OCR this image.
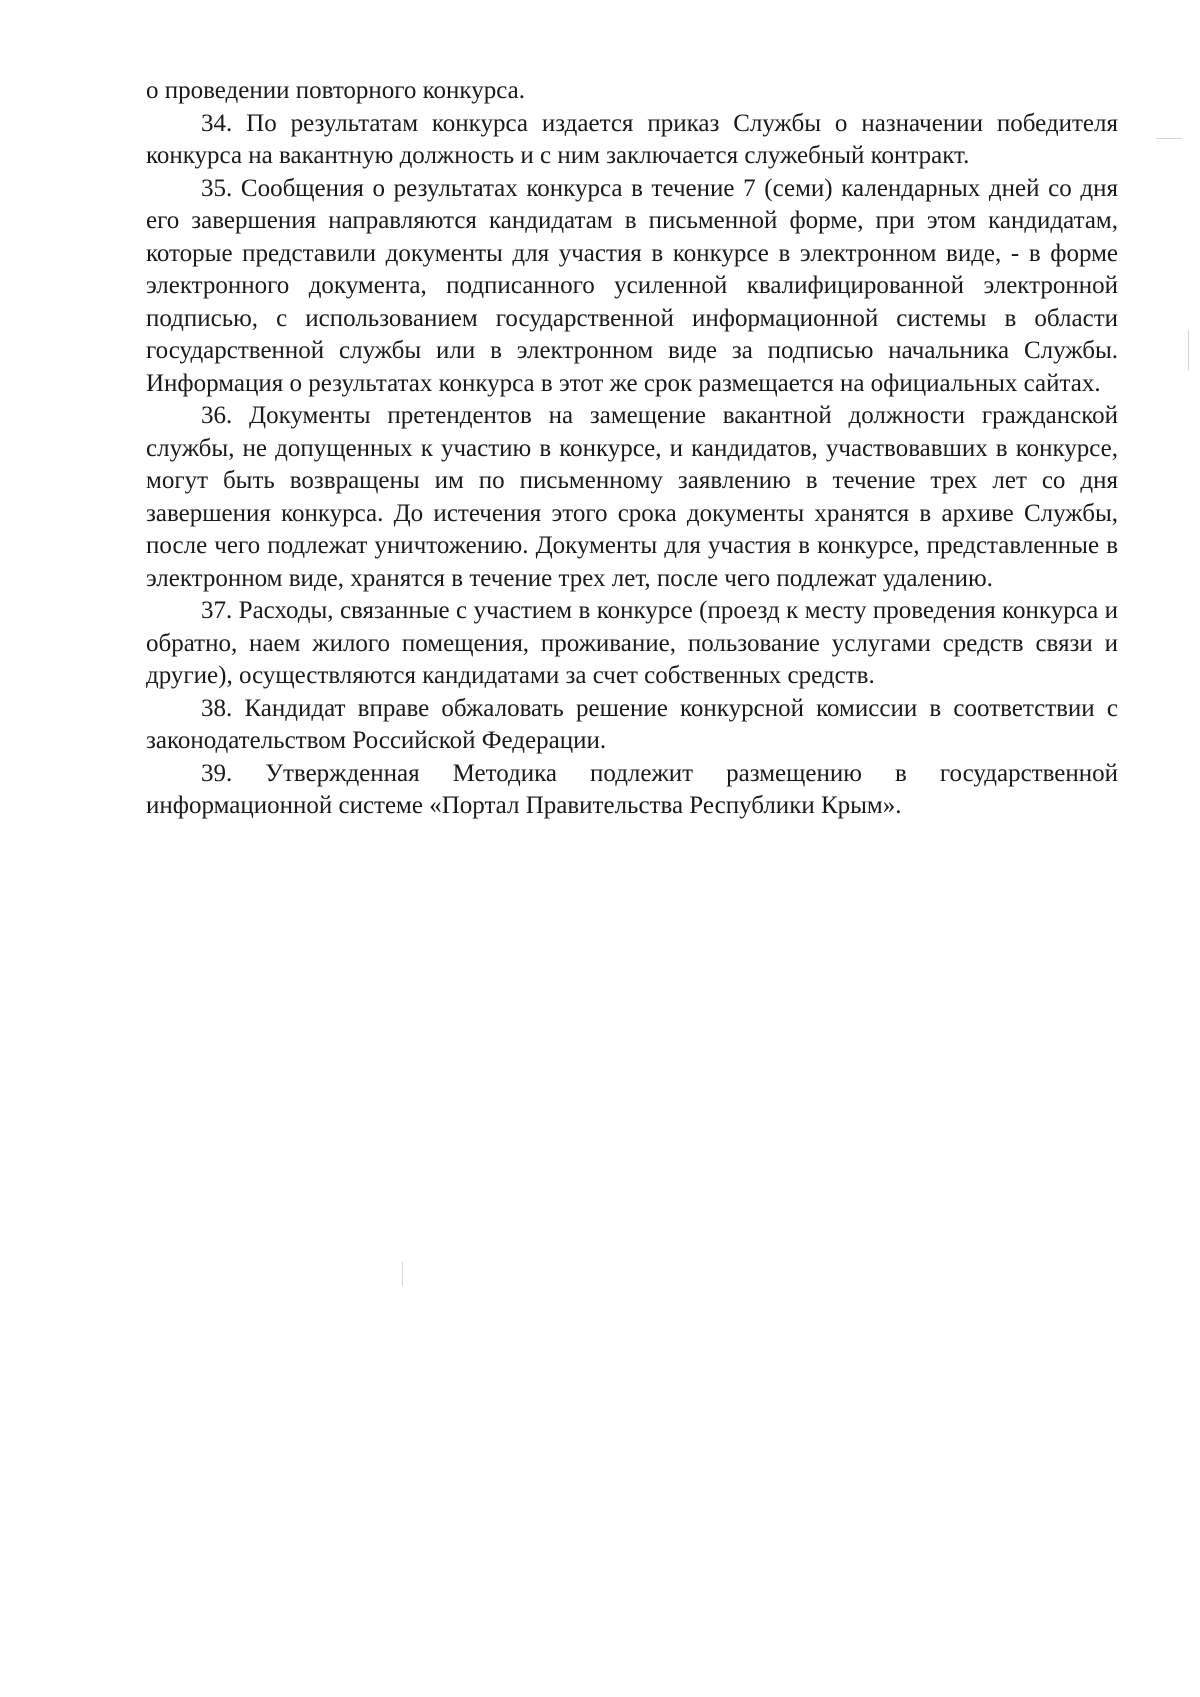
о проведении повторного конкурса.

34. По результатам конкурса издается приказ Службы о назначении победителя конкурса на вакантную должность и с ним заключается служебный контракт.

35. Сообщения о результатах конкурса в течение 7 (семи) календарных дней со дня его завершения направляются кандидатам в письменной форме, при этом кандидатам, которые представили документы для участия в конкурсе в электронном виде, - в форме электронного документа, подписанного усиленной квалифицированной электронной подписью, с использованием государственной информационной системы в области государственной службы или в электронном виде за подписью начальника Службы. Информация о результатах конкурса в этот же срок размещается на официальных сайтах.

36. Документы претендентов на замещение вакантной должности гражданской службы, не допущенных к участию в конкурсе, и кандидатов, участвовавших в конкурсе, могут быть возвращены им по письменному заявлению в течение трех лет со дня завершения конкурса. До истечения этого срока документы хранятся в архиве Службы, после чего подлежат уничтожению. Документы для участия в конкурсе, представленные в электронном виде, хранятся в течение трех лет, после чего подлежат удалению.

37. Расходы, связанные с участием в конкурсе (проезд к месту проведения конкурса и обратно, наем жилого помещения, проживание, пользование услугами средств связи и другие), осуществляются кандидатами за счет собственных средств.

38. Кандидат вправе обжаловать решение конкурсной комиссии в соответствии с законодательством Российской Федерации.

39. Утвержденная Методика подлежит размещению в государственной информационной системе «Портал Правительства Республики Крым».
